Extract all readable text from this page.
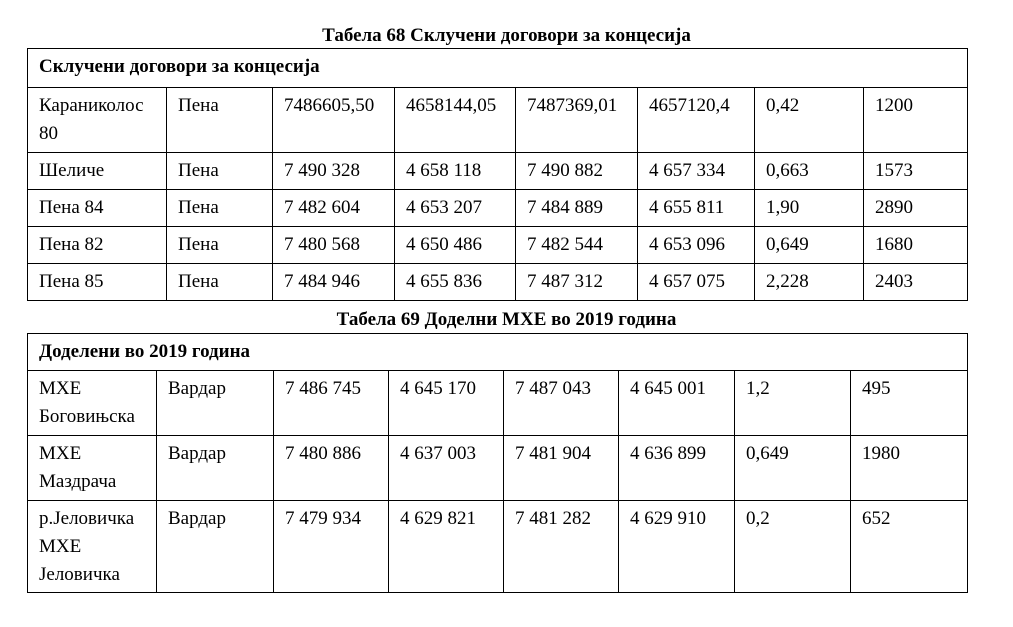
Табела 68 Склучени договори за концесија
Склучени договори за концесија							
Караниколос 80	Пена	7486605,50	4658144,05	7487369,01	4657120,4	0,42	1200
Шеличе	Пена	7 490 328	4 658 118	7 490 882	4 657 334	0,663	1573
Пена 84	Пена	7 482 604	4 653 207	7 484 889	4 655 811	1,90	2890
Пена 82	Пена	7 480 568	4 650 486	7 482 544	4 653 096	0,649	1680
Пена 85	Пена	7 484 946	4 655 836	7 487 312	4 657 075	2,228	2403
Табела 69 Доделни МХЕ во 2019 година
Доделени во 2019 година							
МХЕ Боговињска	Вардар	7 486 745	4 645 170	7 487 043	4 645 001	1,2	495
МХЕ Маздрача	Вардар	7 480 886	4 637 003	7 481 904	4 636 899	0,649	1980
р.Јеловичка МХЕ Јеловичка	Вардар	7 479 934	4 629 821	7 481 282	4 629 910	0,2	652
